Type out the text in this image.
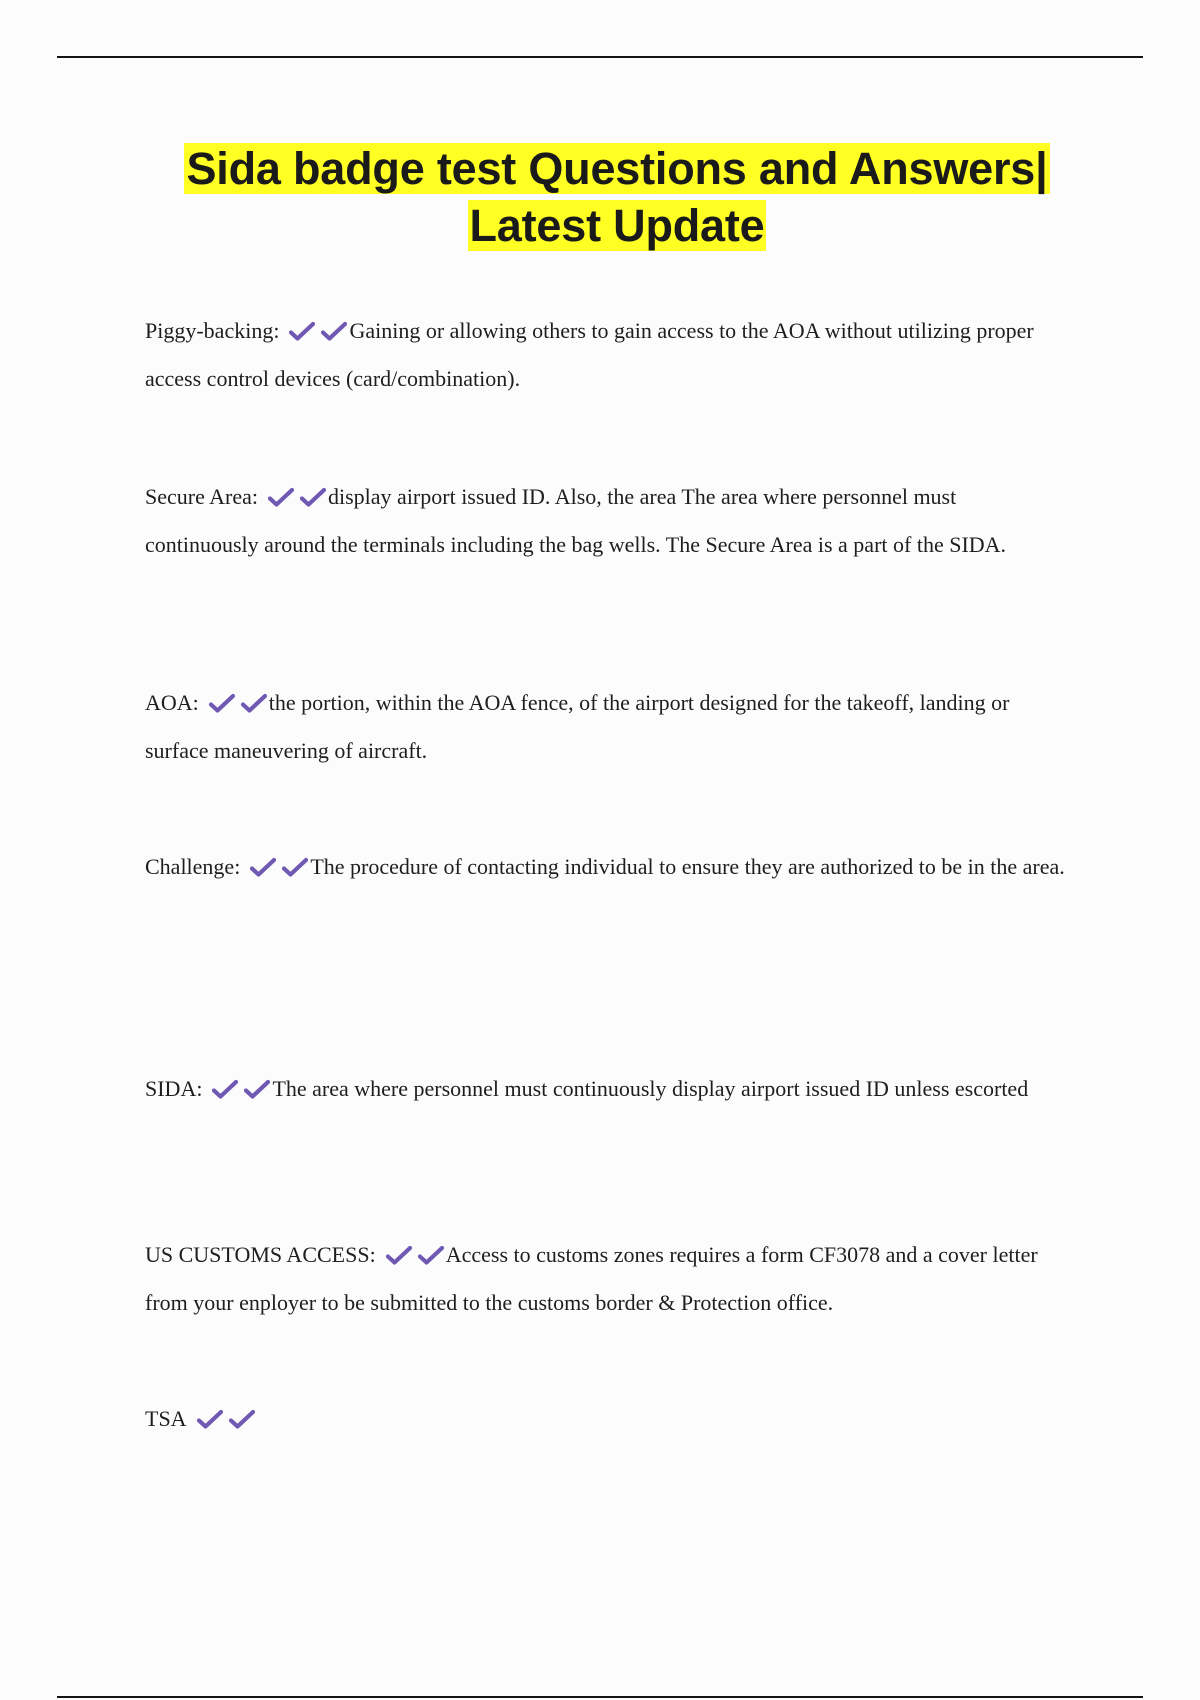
Sida badge test Questions and Answers|
Latest Update
Piggy-backing:	Gaining or allowing others to gain access to the AOA without utilizing proper access control devices (card/combination).
Secure Area:	display airport issued ID. Also, the area The area where personnel must continuously around the terminals including the bag wells. The Secure Area is a part of the SIDA.
AOA:	the portion, within the AOA fence, of the airport designed for the takeoff, landing or surface maneuvering of aircraft.
Challenge:	The procedure of contacting individual to ensure they are authorized to be in the area.
SIDA:	The area where personnel must continuously display airport issued ID unless escorted
US CUSTOMS ACCESS:	Access to customs zones requires a form CF3078 and a cover letter from your enployer to be submitted to the customs border & Protection office.
TSA
